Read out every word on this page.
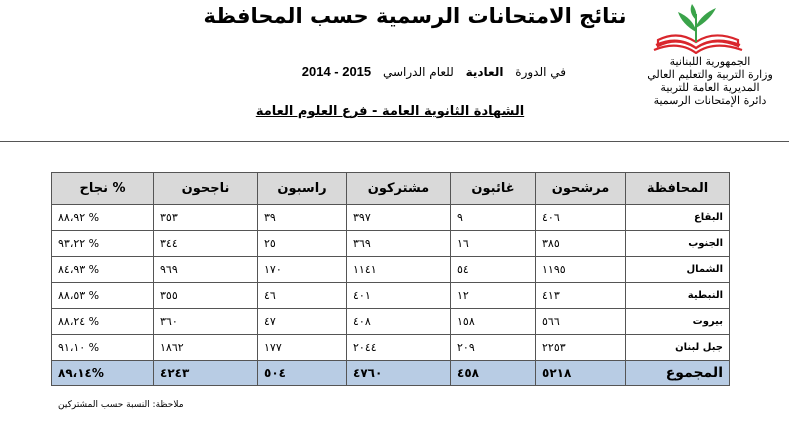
نتائج الامتحانات الرسمية حسب المحافظة
في الدورة العادية للعام الدراسي 2014 - 2015
الشهادة الثانوية العامة - فرع العلوم العامة
الجمهورية اللبنانية
وزارة التربية والتعليم العالي
المديرية العامة للتربية
دائرة الإمتحانات الرسمية
المحافظة	مرشحون	غائبون	مشتركون	راسبون	ناجحون	% نجاح
البقاع	٤٠٦	٩	٣٩٧	٣٩	٣٥٣	% ٨٨،٩٢
الجنوب	٣٨٥	١٦	٣٦٩	٢٥	٣٤٤	% ٩٣،٢٢
الشمال	١١٩٥	٥٤	١١٤١	١٧٠	٩٦٩	% ٨٤،٩٣
النبطية	٤١٣	١٢	٤٠١	٤٦	٣٥٥	% ٨٨،٥٣
بيروت	٥٦٦	١٥٨	٤٠٨	٤٧	٣٦٠	% ٨٨،٢٤
جبل لبنان	٢٢٥٣	٢٠٩	٢٠٤٤	١٧٧	١٨٦٢	% ٩١،١٠
المجموع	٥٢١٨	٤٥٨	٤٧٦٠	٥٠٤	٤٢٤٣	%٨٩،١٤
ملاحظة: النسبة حسب المشتركين
